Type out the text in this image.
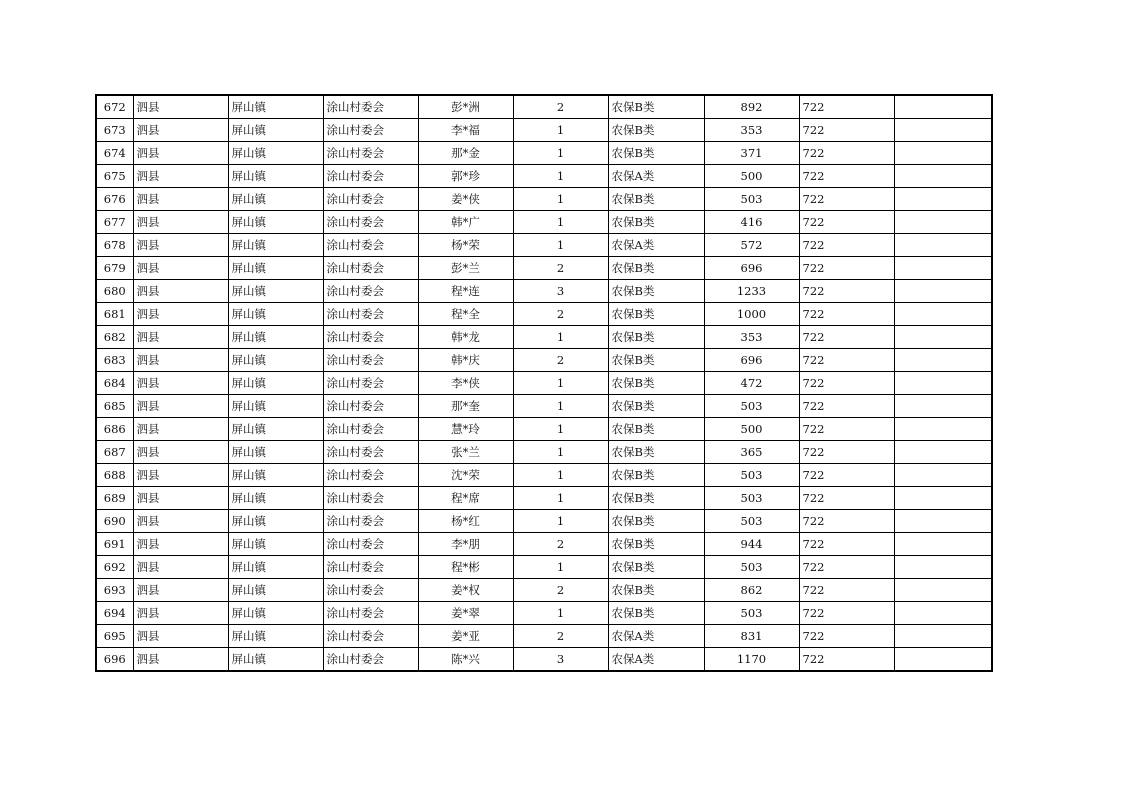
672	泗县	屏山镇	涂山村委会	彭*洲	2	农保B类	892	722	
673	泗县	屏山镇	涂山村委会	李*福	1	农保B类	353	722	
674	泗县	屏山镇	涂山村委会	那*金	1	农保B类	371	722	
675	泗县	屏山镇	涂山村委会	郭*珍	1	农保A类	500	722	
676	泗县	屏山镇	涂山村委会	姜*侠	1	农保B类	503	722	
677	泗县	屏山镇	涂山村委会	韩*广	1	农保B类	416	722	
678	泗县	屏山镇	涂山村委会	杨*荣	1	农保A类	572	722	
679	泗县	屏山镇	涂山村委会	彭*兰	2	农保B类	696	722	
680	泗县	屏山镇	涂山村委会	程*连	3	农保B类	1233	722	
681	泗县	屏山镇	涂山村委会	程*全	2	农保B类	1000	722	
682	泗县	屏山镇	涂山村委会	韩*龙	1	农保B类	353	722	
683	泗县	屏山镇	涂山村委会	韩*庆	2	农保B类	696	722	
684	泗县	屏山镇	涂山村委会	李*侠	1	农保B类	472	722	
685	泗县	屏山镇	涂山村委会	那*奎	1	农保B类	503	722	
686	泗县	屏山镇	涂山村委会	慧*玲	1	农保B类	500	722	
687	泗县	屏山镇	涂山村委会	张*兰	1	农保B类	365	722	
688	泗县	屏山镇	涂山村委会	沈*荣	1	农保B类	503	722	
689	泗县	屏山镇	涂山村委会	程*席	1	农保B类	503	722	
690	泗县	屏山镇	涂山村委会	杨*红	1	农保B类	503	722	
691	泗县	屏山镇	涂山村委会	李*朋	2	农保B类	944	722	
692	泗县	屏山镇	涂山村委会	程*彬	1	农保B类	503	722	
693	泗县	屏山镇	涂山村委会	姜*权	2	农保B类	862	722	
694	泗县	屏山镇	涂山村委会	姜*翠	1	农保B类	503	722	
695	泗县	屏山镇	涂山村委会	姜*亚	2	农保A类	831	722	
696	泗县	屏山镇	涂山村委会	陈*兴	3	农保A类	1170	722	
